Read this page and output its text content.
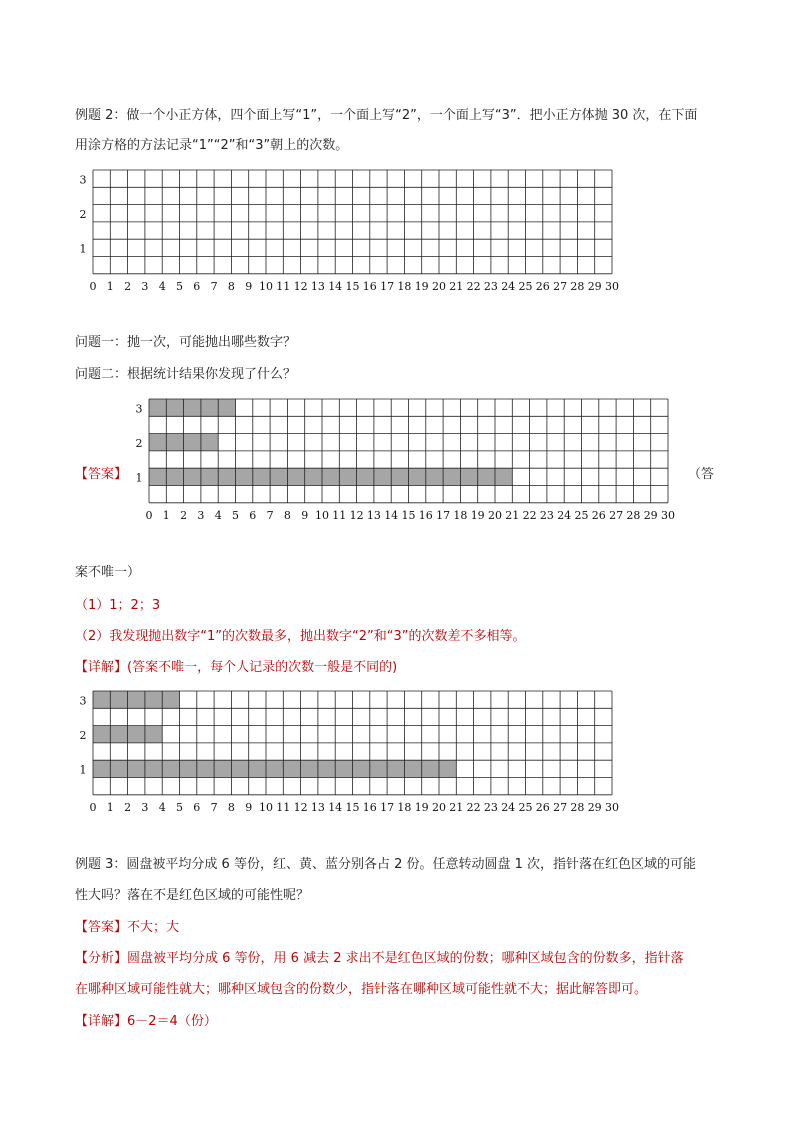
例题 2：做一个小正方体，四个面上写“1”，一个面上写“2”，一个面上写“3”．把小正方体抛 30 次，在下面
用涂方格的方法记录“1”“2”和“3”朝上的次数。
3
2
1
0 1 2 3 4 5 6 7 8 9 10 11 12 13 14 15 16 17 18 19 20 21 22 23 24 25 26 27 28 29 30
问题一：抛一次，可能抛出哪些数字？
问题二：根据统计结果你发现了什么？
【答案】
3
2
1
0 1 2 3 4 5 6 7 8 9 10 11 12 13 14 15 16 17 18 19 20 21 22 23 24 25 26 27 28 29 30
（答
案不唯一）
（1）1；2；3
（2）我发现抛出数字“1”的次数最多，抛出数字“2”和“3”的次数差不多相等。
【详解】(答案不唯一，每个人记录的次数一般是不同的)
3
2
1
0 1 2 3 4 5 6 7 8 9 10 11 12 13 14 15 16 17 18 19 20 21 22 23 24 25 26 27 28 29 30
例题 3：圆盘被平均分成 6 等份，红、黄、蓝分别各占 2 份。任意转动圆盘 1 次，指针落在红色区域的可能
性大吗？落在不是红色区域的可能性呢？
【答案】不大；大
【分析】圆盘被平均分成 6 等份，用 6 减去 2 求出不是红色区域的份数；哪种区域包含的份数多，指针落
在哪种区域可能性就大；哪种区域包含的份数少，指针落在哪种区域可能性就不大；据此解答即可。
【详解】6－2＝4（份）
